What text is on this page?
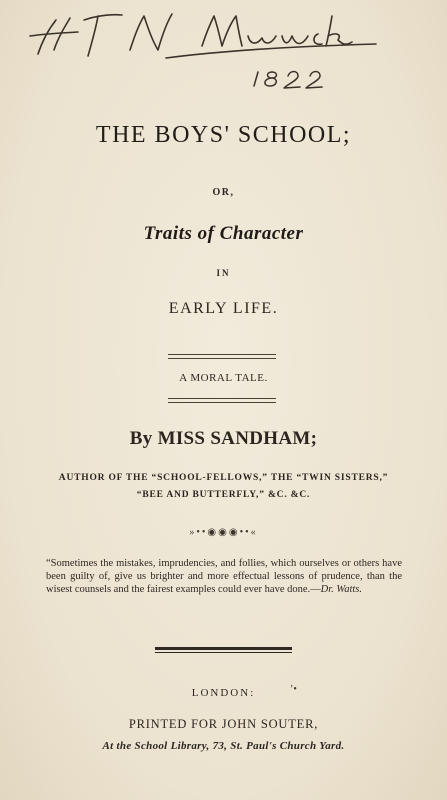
THE BOYS' SCHOOL;
OR,
Traits of Character
IN
EARLY LIFE.
A MORAL TALE.
By MISS SANDHAM;
AUTHOR OF THE “SCHOOL-FELLOWS,” THE “TWIN SISTERS,” “BEE AND BUTTERFLY,” &C. &C.
»••◉◉◉••«
“Sometimes the mistakes, imprudencies, and follies, which ourselves or others have been guilty of, give us brighter and more effectual lessons of prudence, than the wisest counsels and the fairest examples could ever have done.—Dr. Watts.
LONDON:	’•
PRINTED FOR JOHN SOUTER,
At the School Library, 73, St. Paul's Church Yard.
